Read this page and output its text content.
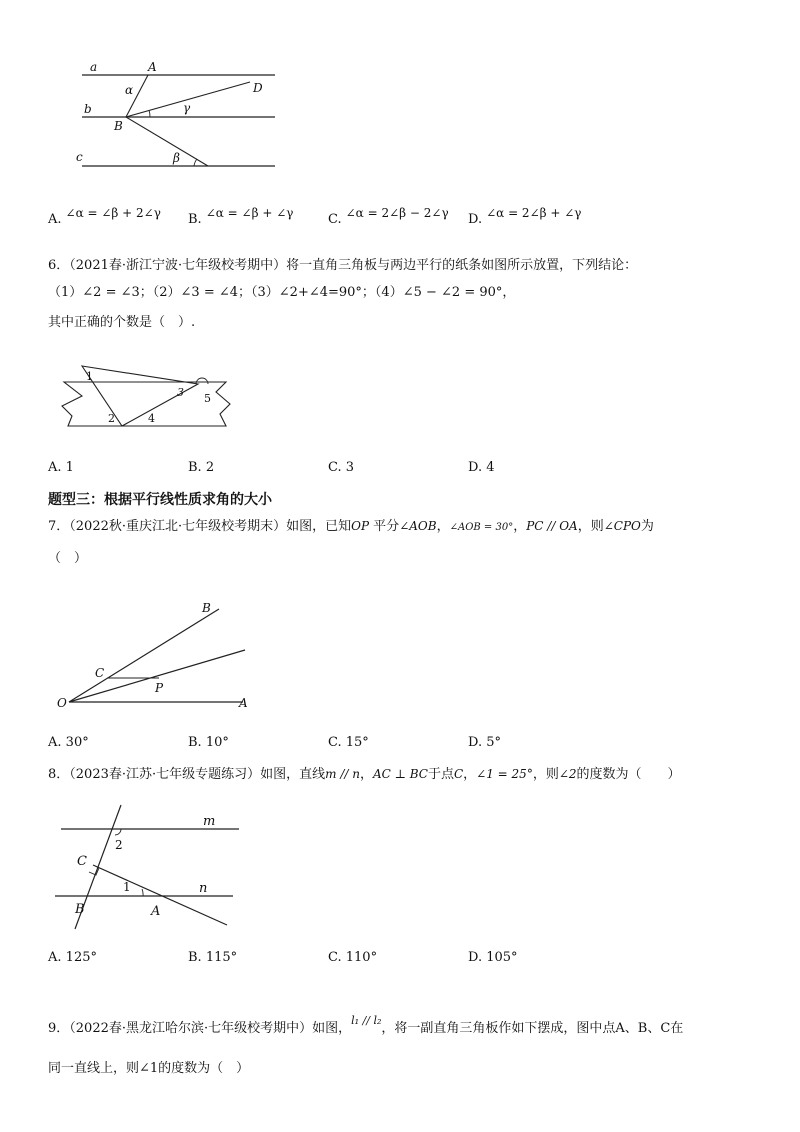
a
b
c
A
B
D
α
γ
β
A. ∠α = ∠β + 2∠γ B. ∠α = ∠β + ∠γ	C. ∠α = 2∠β − 2∠γ D. ∠α = 2∠β + ∠γ
6．（2021春·浙江宁波·七年级校考期中）将一直角三角板与两边平行的纸条如图所示放置，下列结论：
（1）∠2 = ∠3；（2）∠3 = ∠4；（3）∠2+∠4=90°；（4）∠5 − ∠2 = 90°，
其中正确的个数是（　）.
1
2
3
4
5
A. 1	B. 2	C. 3	D. 4
题型三：根据平行线性质求角的大小
7．（2022秋·重庆江北·七年级校考期末）如图，已知OP 平分∠AOB，∠AOB = 30°，PC // OA，则∠CPO为
（　）
B
C
P
O	A
A. 30°	B. 10°	C. 15°	D. 5°
8．（2023春·江苏·七年级专题练习）如图，直线m // n，AC ⊥ BC于点C，∠1 = 25°，则∠2的度数为（　　）
m
n
2
1
C
B	A
A. 125°	B. 115°	C. 110°	D. 105°
9．（2022春·黑龙江哈尔滨·七年级校考期中）如图，$^{l_1 // l_2}$，将一副直角三角板作如下摆成，图中点A、B、C在
同一直线上，则∠1的度数为（　）
